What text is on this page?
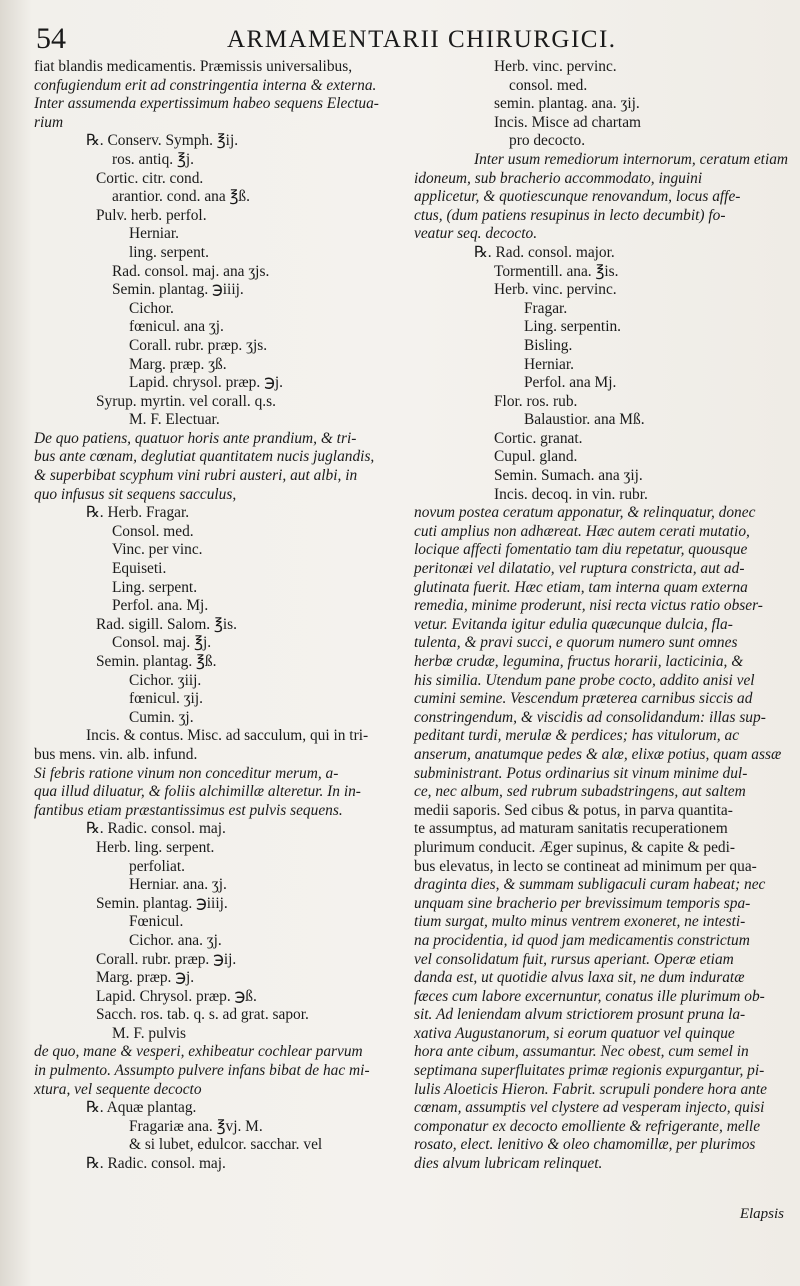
54	ARMAMENTARII CHIRURGICI.
fiat blandis medicamentis. Præmissis universalibus,
confugiendum erit ad constringentia interna & externa.
Inter assumenda expertissimum habeo sequens Electua-
rium
℞. Conserv. Symph. ℥ij.
ros. antiq. ℥j.
Cortic. citr. cond.
arantior. cond. ana ℥ß.
Pulv. herb. perfol.
Herniar.
ling. serpent.
Rad. consol. maj. ana ʒjs.
Semin. plantag. ℈iiij.
Cichor.
fœnicul. ana ʒj.
Corall. rubr. præp. ʒjs.
Marg. præp. ʒß.
Lapid. chrysol. præp. ℈j.
Syrup. myrtin. vel corall. q.s.
M. F. Electuar.
De quo patiens, quatuor horis ante prandium, & tri-
bus ante cœnam, deglutiat quantitatem nucis juglandis,
& superbibat scyphum vini rubri austeri, aut albi, in
quo infusus sit sequens sacculus,
℞. Herb. Fragar.
Consol. med.
Vinc. per vinc.
Equiseti.
Ling. serpent.
Perfol. ana. Mj.
Rad. sigill. Salom. ℥is.
Consol. maj. ℥j.
Semin. plantag. ℥ß.
Cichor. ʒiij.
fœnicul. ʒij.
Cumin. ʒj.
Incis. & contus. Misc. ad sacculum, qui in tri-
bus mens. vin. alb. infund.
Si febris ratione vinum non conceditur merum, a-
qua illud diluatur, & foliis alchimillæ alteretur. In in-
fantibus etiam præstantissimus est pulvis sequens.
℞. Radic. consol. maj.
Herb. ling. serpent.
perfoliat.
Herniar. ana. ʒj.
Semin. plantag. ℈iiij.
Fœnicul.
Cichor. ana. ʒj.
Corall. rubr. præp. ℈ij.
Marg. præp. ℈j.
Lapid. Chrysol. præp. ℈ß.
Sacch. ros. tab. q. s. ad grat. sapor.
M. F. pulvis
de quo, mane & vesperi, exhibeatur cochlear parvum
in pulmento. Assumpto pulvere infans bibat de hac mi-
xtura, vel sequente decocto
℞. Aquæ plantag.
Fragariæ ana. ℥vj. M.
& si lubet, edulcor. sacchar. vel
℞. Radic. consol. maj.
Herb. vinc. pervinc.
consol. med.
semin. plantag. ana. ʒij.
Incis. Misce ad chartam
pro decocto.
Inter usum remediorum internorum, ceratum etiam
idoneum, sub bracherio accommodato, inguini
applicetur, & quotiescunque renovandum, locus affe-
ctus, (dum patiens resupinus in lecto decumbit) fo-
veatur seq. decocto.
℞. Rad. consol. major.
Tormentill. ana. ℥is.
Herb. vinc. pervinc.
Fragar.
Ling. serpentin.
Bisling.
Herniar.
Perfol. ana Mj.
Flor. ros. rub.
Balaustior. ana Mß.
Cortic. granat.
Cupul. gland.
Semin. Sumach. ana ʒij.
Incis. decoq. in vin. rubr.
novum postea ceratum apponatur, & relinquatur, donec
cuti amplius non adhæreat. Hæc autem cerati mutatio,
locique affecti fomentatio tam diu repetatur, quousque
peritonæi vel dilatatio, vel ruptura constricta, aut ad-
glutinata fuerit. Hæc etiam, tam interna quam externa
remedia, minime proderunt, nisi recta victus ratio obser-
vetur. Evitanda igitur edulia quæcunque dulcia, fla-
tulenta, & pravi succi, e quorum numero sunt omnes
herbæ crudæ, legumina, fructus horarii, lacticinia, &
his similia. Utendum pane probe cocto, addito anisi vel
cumini semine. Vescendum præterea carnibus siccis ad
constringendum, & viscidis ad consolidandum: illas sup-
peditant turdi, merulæ & perdices; has vitulorum, ac
anserum, anatumque pedes & alæ, elixæ potius, quam assæ
subministrant. Potus ordinarius sit vinum minime dul-
ce, nec album, sed rubrum subadstringens, aut saltem
medii saporis. Sed cibus & potus, in parva quantita-
te assumptus, ad maturam sanitatis recuperationem
plurimum conducit. Æger supinus, & capite & pedi-
bus elevatus, in lecto se contineat ad minimum per qua-
draginta dies, & summam subligaculi curam habeat; nec
unquam sine bracherio per brevissimum temporis spa-
tium surgat, multo minus ventrem exoneret, ne intesti-
na procidentia, id quod jam medicamentis constrictum
vel consolidatum fuit, rursus aperiant. Operæ etiam
danda est, ut quotidie alvus laxa sit, ne dum induratæ
fæces cum labore excernuntur, conatus ille plurimum ob-
sit. Ad leniendam alvum strictiorem prosunt pruna la-
xativa Augustanorum, si eorum quatuor vel quinque
hora ante cibum, assumantur. Nec obest, cum semel in
septimana superfluitates primæ regionis expurgantur, pi-
lulis Aloeticis Hieron. Fabrit. scrupuli pondere hora ante
cœnam, assumptis vel clystere ad vesperam injecto, quisi
componatur ex decocto emolliente & refrigerante, melle
rosato, elect. lenitivo & oleo chamomillæ, per plurimos
dies alvum lubricam relinquet.
Elapsis
